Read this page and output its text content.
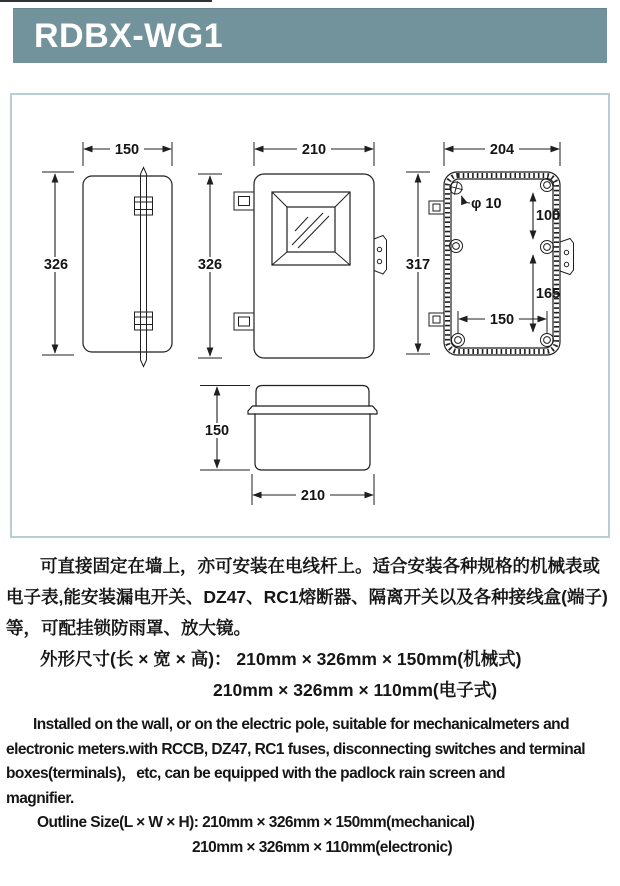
RDBX-WG1
150
326
210
326
φ 10
100
165
150
204
317
150
210
可直接固定在墙上，亦可安装在电线杆上。适合安装各种规格的机械表或
电子表,能安装漏电开关、DZ47、RC1熔断器、隔离开关以及各种接线盒(端子)
等，可配挂锁防雨罩、放大镜。
外形尺寸(长 × 宽 × 高)： 210mm × 326mm × 150mm(机械式)
210mm × 326mm × 110mm(电子式)
Installed on the wall, or on the electric pole, suitable for mechanicalmeters and
electronic meters.with RCCB, DZ47, RC1 fuses, disconnecting switches and terminal
boxes(terminals)，etc, can be equipped with the padlock rain screen and
magnifier.
Outline Size(L × W × H): 210mm × 326mm × 150mm(mechanical)
210mm × 326mm × 110mm(electronic)
